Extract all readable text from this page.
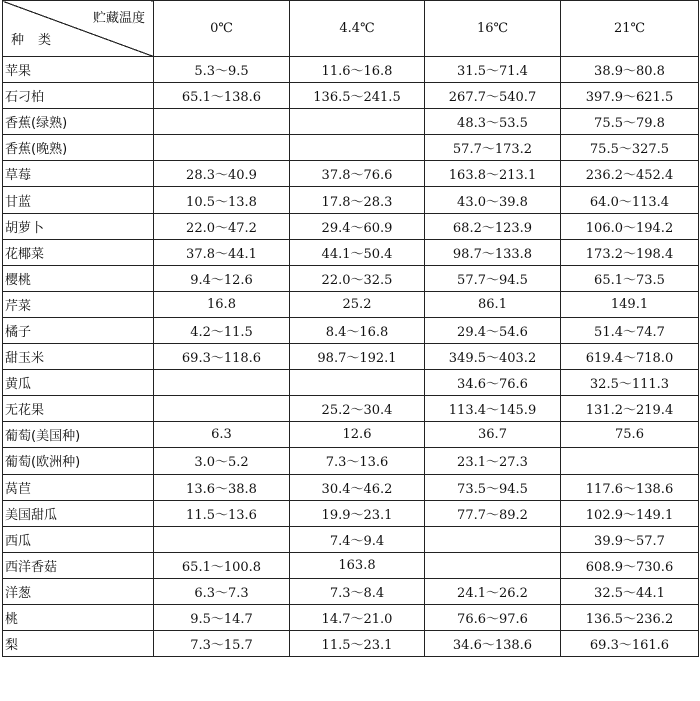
贮藏温度
种类	0℃	4.4℃	16℃	21℃
苹果	5.3～9.5	11.6～16.8	31.5～71.4	38.9～80.8
石刁柏	65.1～138.6	136.5～241.5	267.7～540.7	397.9～621.5
香蕉(绿熟)			48.3～53.5	75.5～79.8
香蕉(晚熟)			57.7～173.2	75.5～327.5
草莓	28.3～40.9	37.8～76.6	163.8～213.1	236.2～452.4
甘蓝	10.5～13.8	17.8～28.3	43.0～39.8	64.0～113.4
胡萝卜	22.0～47.2	29.4～60.9	68.2～123.9	106.0～194.2
花椰菜	37.8～44.1	44.1～50.4	98.7～133.8	173.2～198.4
樱桃	9.4～12.6	22.0～32.5	57.7～94.5	65.1～73.5
芹菜	16.8	25.2	86.1	149.1
橘子	4.2～11.5	8.4～16.8	29.4～54.6	51.4～74.7
甜玉米	69.3～118.6	98.7～192.1	349.5～403.2	619.4～718.0
黄瓜			34.6～76.6	32.5～111.3
无花果		25.2～30.4	113.4～145.9	131.2～219.4
葡萄(美国种)	6.3	12.6	36.7	75.6
葡萄(欧洲种)	3.0～5.2	7.3～13.6	23.1～27.3	
莴苣	13.6～38.8	30.4～46.2	73.5～94.5	117.6～138.6
美国甜瓜	11.5～13.6	19.9～23.1	77.7～89.2	102.9～149.1
西瓜		7.4～9.4		39.9～57.7
西洋香菇	65.1～100.8	163.8		608.9～730.6
洋葱	6.3～7.3	7.3～8.4	24.1～26.2	32.5～44.1
桃	9.5～14.7	14.7～21.0	76.6～97.6	136.5～236.2
梨	7.3～15.7	11.5～23.1	34.6～138.6	69.3～161.6
